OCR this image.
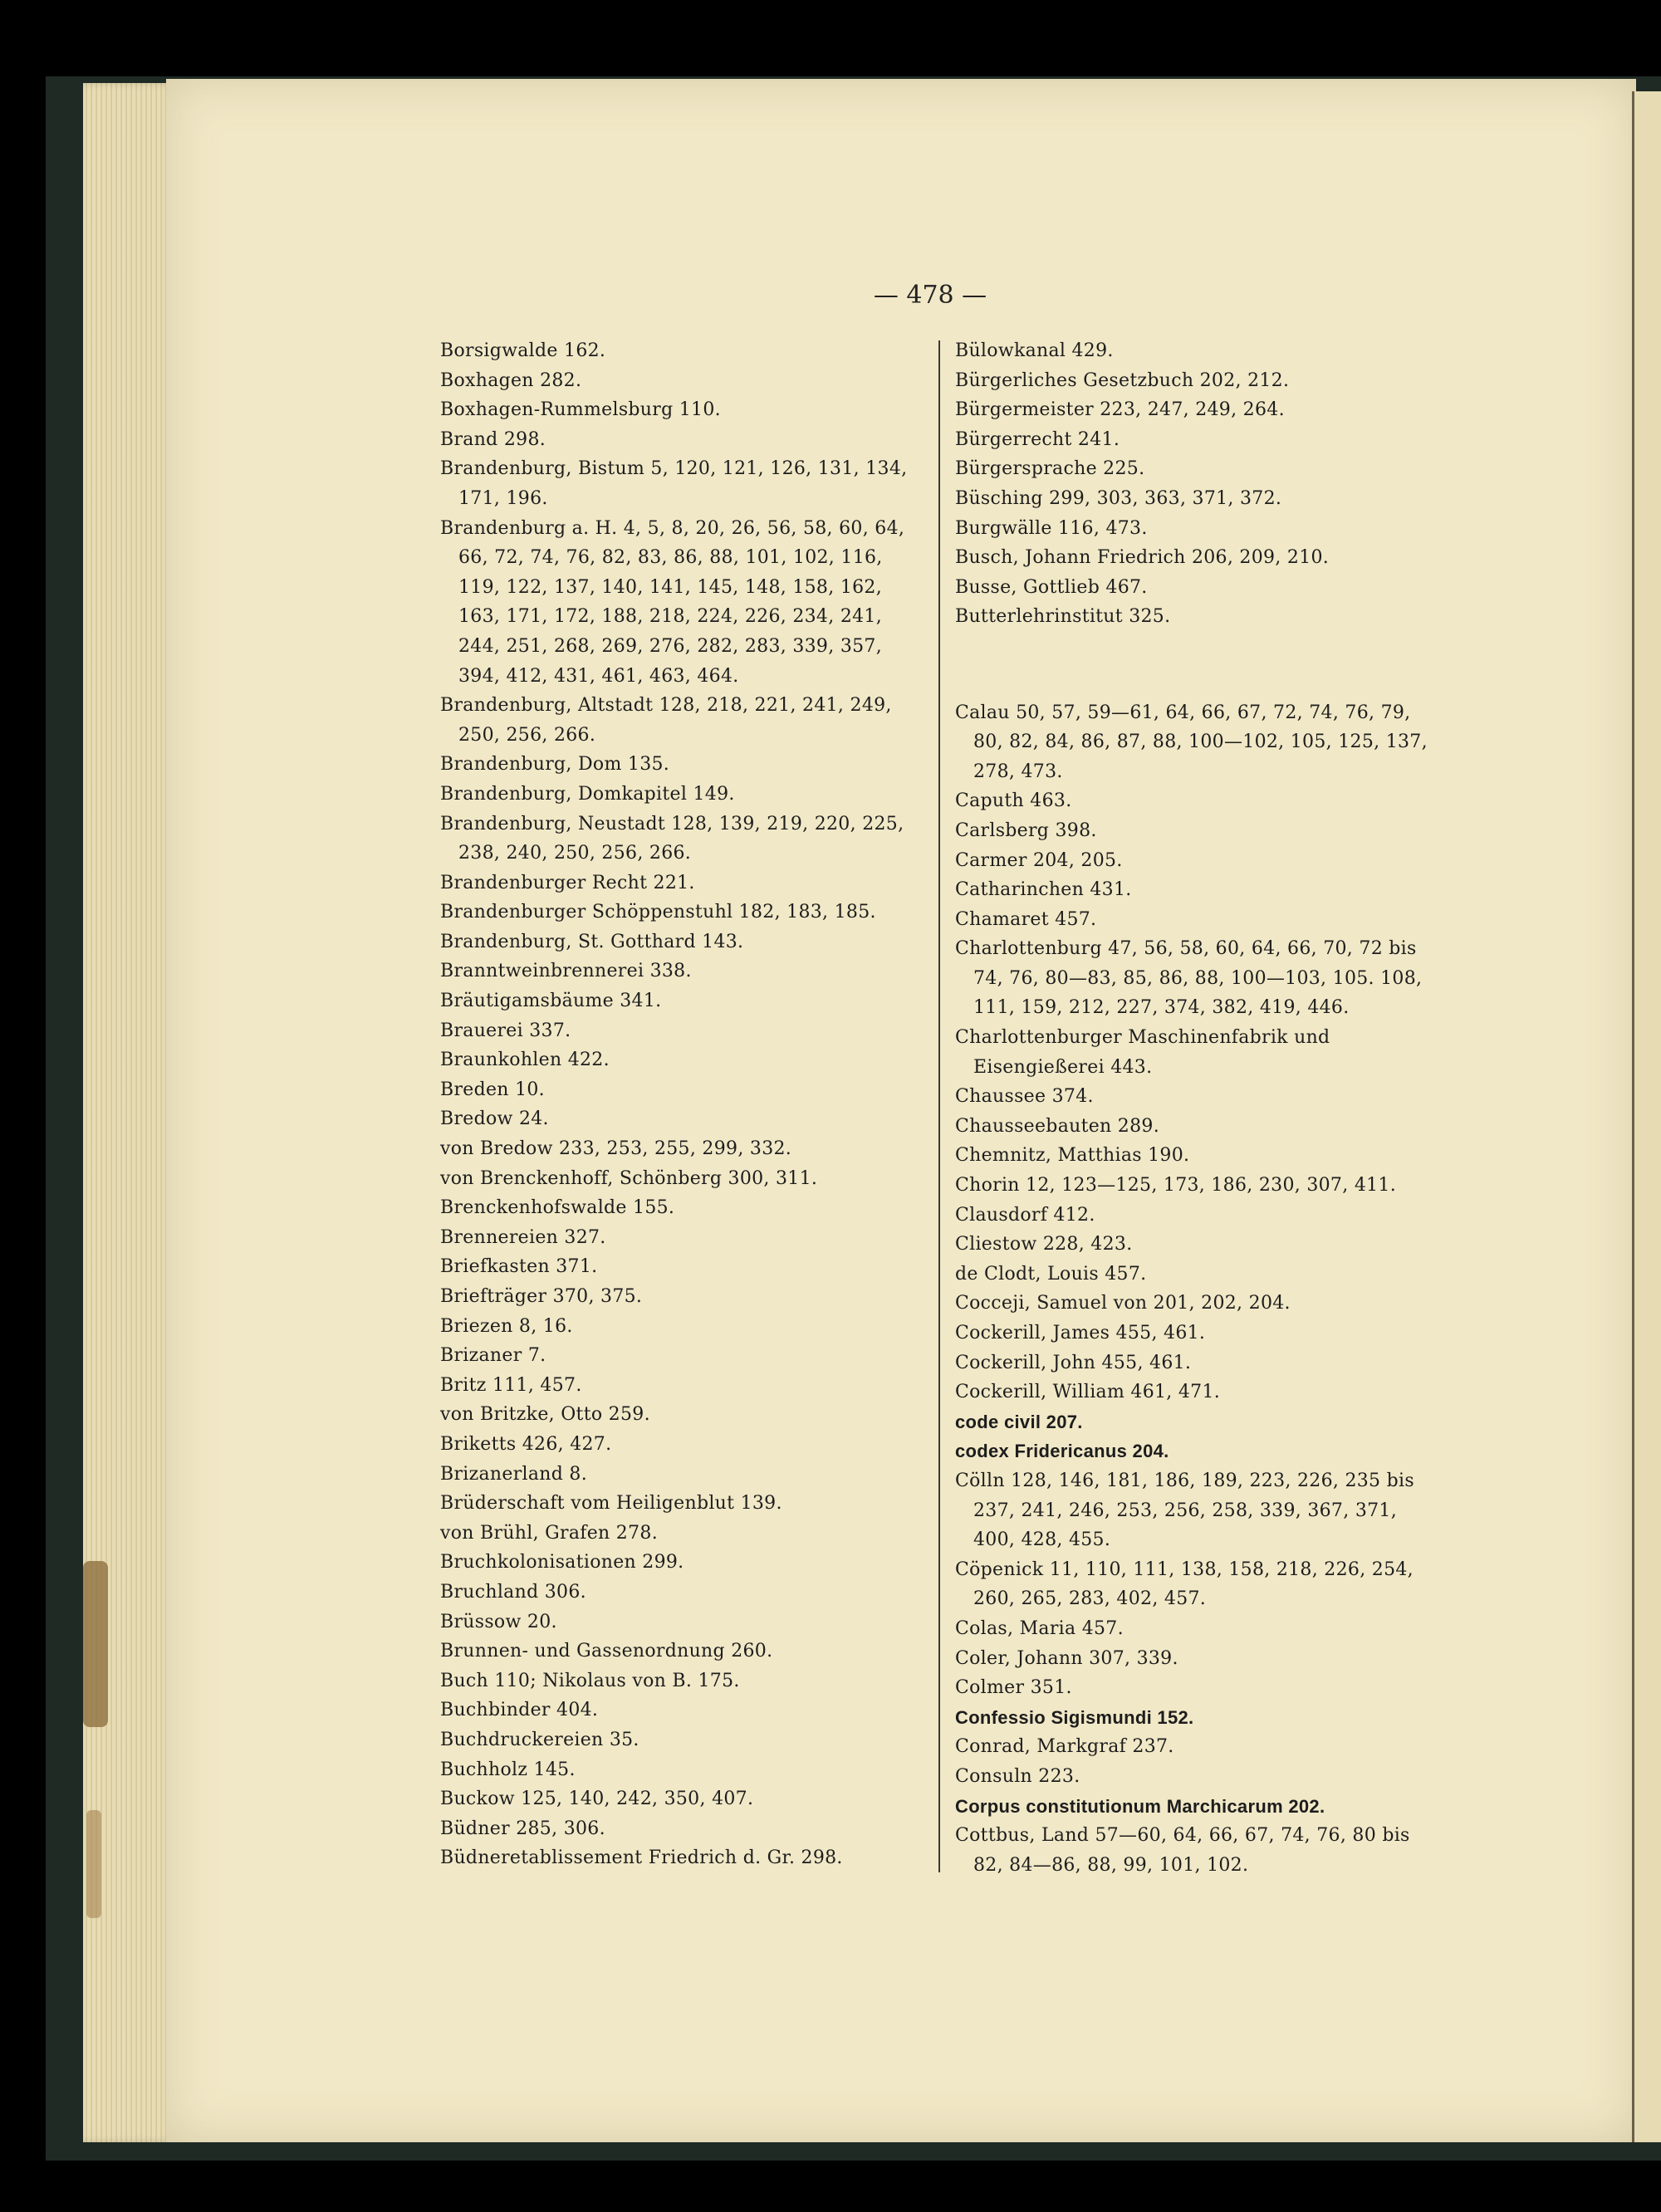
— 478 —

Borsigwalde 162.

Boxhagen 282.

Boxhagen-Rummelsburg 110.

Brand 298.

Brandenburg, Bistum 5, 120, 121, 126, 131, 134, 171, 196.

Brandenburg a. H. 4, 5, 8, 20, 26, 56, 58, 60, 64, 66, 72, 74, 76, 82, 83, 86, 88, 101, 102, 116, 119, 122, 137, 140, 141, 145, 148, 158, 162, 163, 171, 172, 188, 218, 224, 226, 234, 241, 244, 251, 268, 269, 276, 282, 283, 339, 357, 394, 412, 431, 461, 463, 464.

Brandenburg, Altstadt 128, 218, 221, 241, 249, 250, 256, 266.

Brandenburg, Dom 135.

Brandenburg, Domkapitel 149.

Brandenburg, Neustadt 128, 139, 219, 220, 225, 238, 240, 250, 256, 266.

Brandenburger Recht 221.

Brandenburger Schöppenstuhl 182, 183, 185.

Brandenburg, St. Gotthard 143.

Branntweinbrennerei 338.

Bräutigamsbäume 341.

Brauerei 337.

Braunkohlen 422.

Breden 10.

Bredow 24.

von Bredow 233, 253, 255, 299, 332.

von Brenckenhoff, Schönberg 300, 311.

Brenckenhofswalde 155.

Brennereien 327.

Briefkasten 371.

Briefträger 370, 375.

Briezen 8, 16.

Brizaner 7.

Britz 111, 457.

von Britzke, Otto 259.

Briketts 426, 427.

Brizanerland 8.

Brüderschaft vom Heiligenblut 139.

von Brühl, Grafen 278.

Bruchkolonisationen 299.

Bruchland 306.

Brüssow 20.

Brunnen- und Gassenordnung 260.

Buch 110; Nikolaus von B. 175.

Buchbinder 404.

Buchdruckereien 35.

Buchholz 145.

Buckow 125, 140, 242, 350, 407.

Büdner 285, 306.

Büdneretablissement Friedrich d. Gr. 298.

Bülowkanal 429.

Bürgerliches Gesetzbuch 202, 212.

Bürgermeister 223, 247, 249, 264.

Bürgerrecht 241.

Bürgersprache 225.

Büsching 299, 303, 363, 371, 372.

Burgwälle 116, 473.

Busch, Johann Friedrich 206, 209, 210.

Busse, Gottlieb 467.

Butterlehrinstitut 325.

Calau 50, 57, 59—61, 64, 66, 67, 72, 74, 76, 79, 80, 82, 84, 86, 87, 88, 100—102, 105, 125, 137, 278, 473.

Caputh 463.

Carlsberg 398.

Carmer 204, 205.

Catharinchen 431.

Chamaret 457.

Charlottenburg 47, 56, 58, 60, 64, 66, 70, 72 bis 74, 76, 80—83, 85, 86, 88, 100—103, 105. 108, 111, 159, 212, 227, 374, 382, 419, 446.

Charlottenburger Maschinenfabrik und Eisengießerei 443.

Chaussee 374.

Chausseebauten 289.

Chemnitz, Matthias 190.

Chorin 12, 123—125, 173, 186, 230, 307, 411.

Clausdorf 412.

Cliestow 228, 423.

de Clodt, Louis 457.

Cocceji, Samuel von 201, 202, 204.

Cockerill, James 455, 461.

Cockerill, John 455, 461.

Cockerill, William 461, 471.

code civil 207.

codex Fridericanus 204.

Cölln 128, 146, 181, 186, 189, 223, 226, 235 bis 237, 241, 246, 253, 256, 258, 339, 367, 371, 400, 428, 455.

Cöpenick 11, 110, 111, 138, 158, 218, 226, 254, 260, 265, 283, 402, 457.

Colas, Maria 457.

Coler, Johann 307, 339.

Colmer 351.

Confessio Sigismundi 152.

Conrad, Markgraf 237.

Consuln 223.

Corpus constitutionum Marchicarum 202.

Cottbus, Land 57—60, 64, 66, 67, 74, 76, 80 bis 82, 84—86, 88, 99, 101, 102.
